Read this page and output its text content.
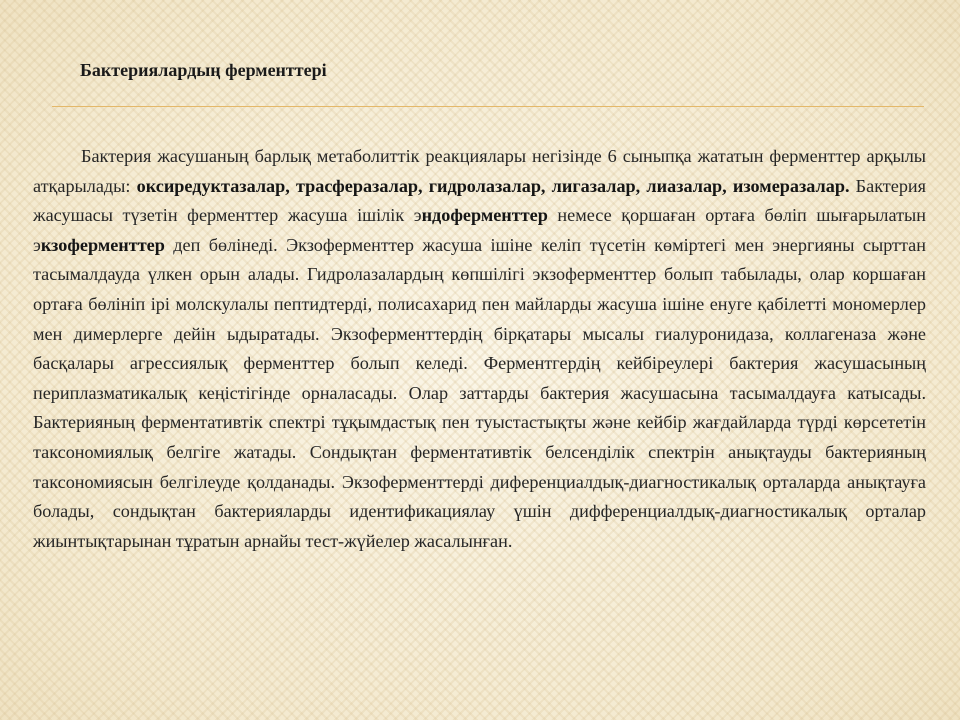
Бактериялардың ферменттері

Бактерия жасушаның барлық метаболиттік реакциялары негізінде 6 сыныпқа жататын ферменттер арқылы атқарылады: оксиредуктазалар, трасферазалар, гидролазалар, лигазалар, лиазалар, изомеразалар. Бактерия жасушасы түзетін ферменттер жасуша ішілік эндоферменттер немесе қоршаған ортаға бөліп шығарылатын экзоферменттер деп бөлінеді. Экзоферменттер жасуша ішіне келіп түсетін көміртегі мен энергияны сырттан тасымалдауда үлкен орын алады. Гидролазалардың көпшілігі экзоферменттер болып табылады, олар коршаған ортаға бөлініп ірі молскулалы пептидтерді, полисахарид пен майларды жасуша ішіне енуге қабілетті мономерлер мен димерлерге дейін ыдыратады. Экзоферменттердің бірқатары мысалы гиалуронидаза, коллагеназа және басқалары агрессиялық ферменттер болып келеді. Ферментгердің кейбіреулері бактерия жасушасының периплазматикалық кеңістігінде орналасады. Олар заттарды бактерия жасушасына тасымалдауға катысады. Бактерияның ферментативтік спектрі тұқымдастық пен туыстастықты және кейбір жағдайларда түрді көрсететін таксономиялық белгіге жатады. Сондықтан ферментативтік белсенділік спектрін анықтауды бактерияның таксономиясын белгілеуде қолданады. Экзоферменттерді диференциалдық-диагностикалық орталарда анықтауға болады, сондықтан бактерияларды идентификациялау үшін дифференциалдық-диагностикалық орталар жиынтықтарынан тұратын арнайы тест-жүйелер жасалынған.
